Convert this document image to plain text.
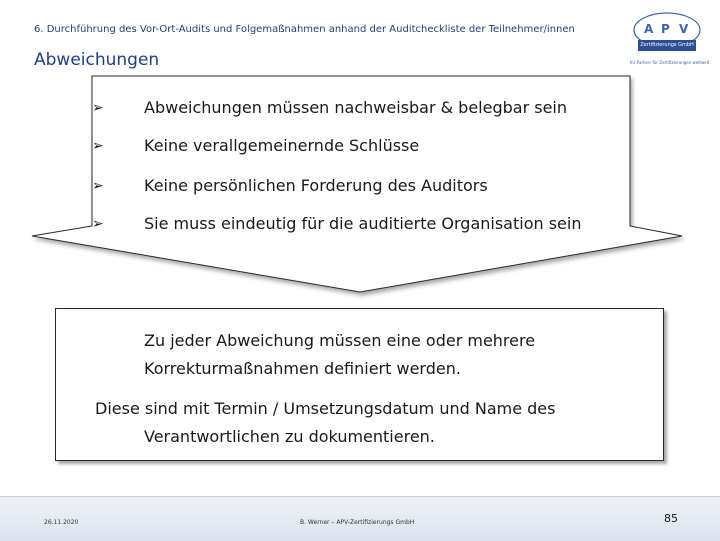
6. Durchführung des Vor-Ort-Audits und Folgemaßnahmen anhand der Auditcheckliste der Teilnehmer/innen
Abweichungen
A P V
Zertifizierungs GmbH
Ihr Partner für Zertifizierungen weltweit
➢	Abweichungen müssen nachweisbar & belegbar sein
➢	Keine verallgemeinernde Schlüsse
➢	Keine persönlichen Forderung des Auditors
➢	Sie muss eindeutig für die auditierte Organisation sein
Zu jeder Abweichung müssen eine oder mehrere
Korrekturmaßnahmen definiert werden.
Diese sind mit Termin / Umsetzungsdatum und Name des
Verantwortlichen zu dokumentieren.
26.11.2020	B. Werner – APV-Zertifizierungs GmbH	85
